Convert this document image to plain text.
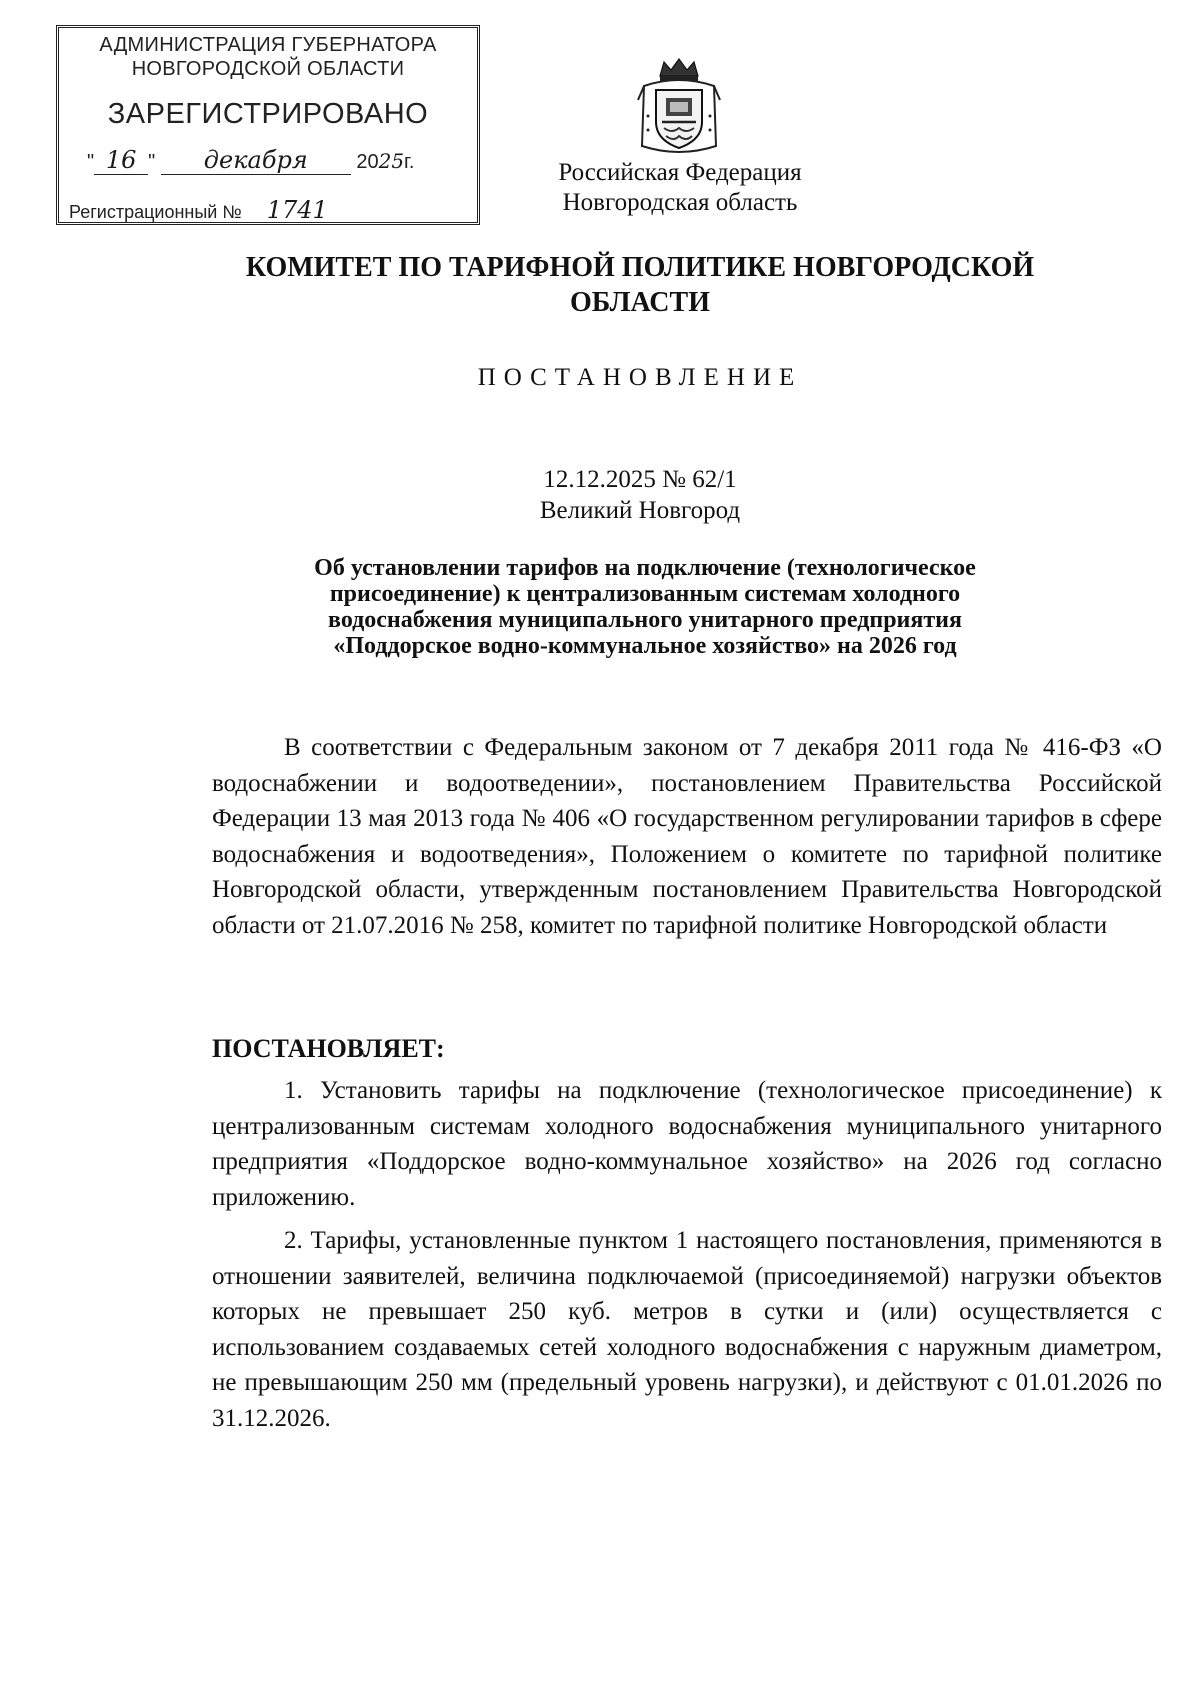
АДМИНИСТРАЦИЯ ГУБЕРНАТОРА
НОВГОРОДСКОЙ ОБЛАСТИ
ЗАРЕГИСТРИРОВАНО
" 16 " декабря 2025г.
Регистрационный № 1741
Российская Федерация
Новгородская область
КОМИТЕТ ПО ТАРИФНОЙ ПОЛИТИКЕ НОВГОРОДСКОЙ ОБЛАСТИ
ПОСТАНОВЛЕНИЕ
12.12.2025 № 62/1
Великий Новгород
Об установлении тарифов на подключение (технологическое присоединение) к централизованным системам холодного водоснабжения муниципального унитарного предприятия «Поддорское водно-коммунальное хозяйство» на 2026 год
В соответствии с Федеральным законом от 7 декабря 2011 года № 416-ФЗ «О водоснабжении и водоотведении», постановлением Правительства Российской Федерации 13 мая 2013 года № 406 «О государственном регулировании тарифов в сфере водоснабжения и водоотведения», Положением о комитете по тарифной политике Новгородской области, утвержденным постановлением Правительства Новгородской области от 21.07.2016 № 258, комитет по тарифной политике Новгородской области
ПОСТАНОВЛЯЕТ:
1. Установить тарифы на подключение (технологическое присоединение) к централизованным системам холодного водоснабжения муниципального унитарного предприятия «Поддорское водно-коммунальное хозяйство» на 2026 год согласно приложению.
2. Тарифы, установленные пунктом 1 настоящего постановления, применяются в отношении заявителей, величина подключаемой (присоединяемой) нагрузки объектов которых не превышает 250 куб. метров в сутки и (или) осуществляется с использованием создаваемых сетей холодного водоснабжения с наружным диаметром, не превышающим 250 мм (предельный уровень нагрузки), и действуют с 01.01.2026 по 31.12.2026.
